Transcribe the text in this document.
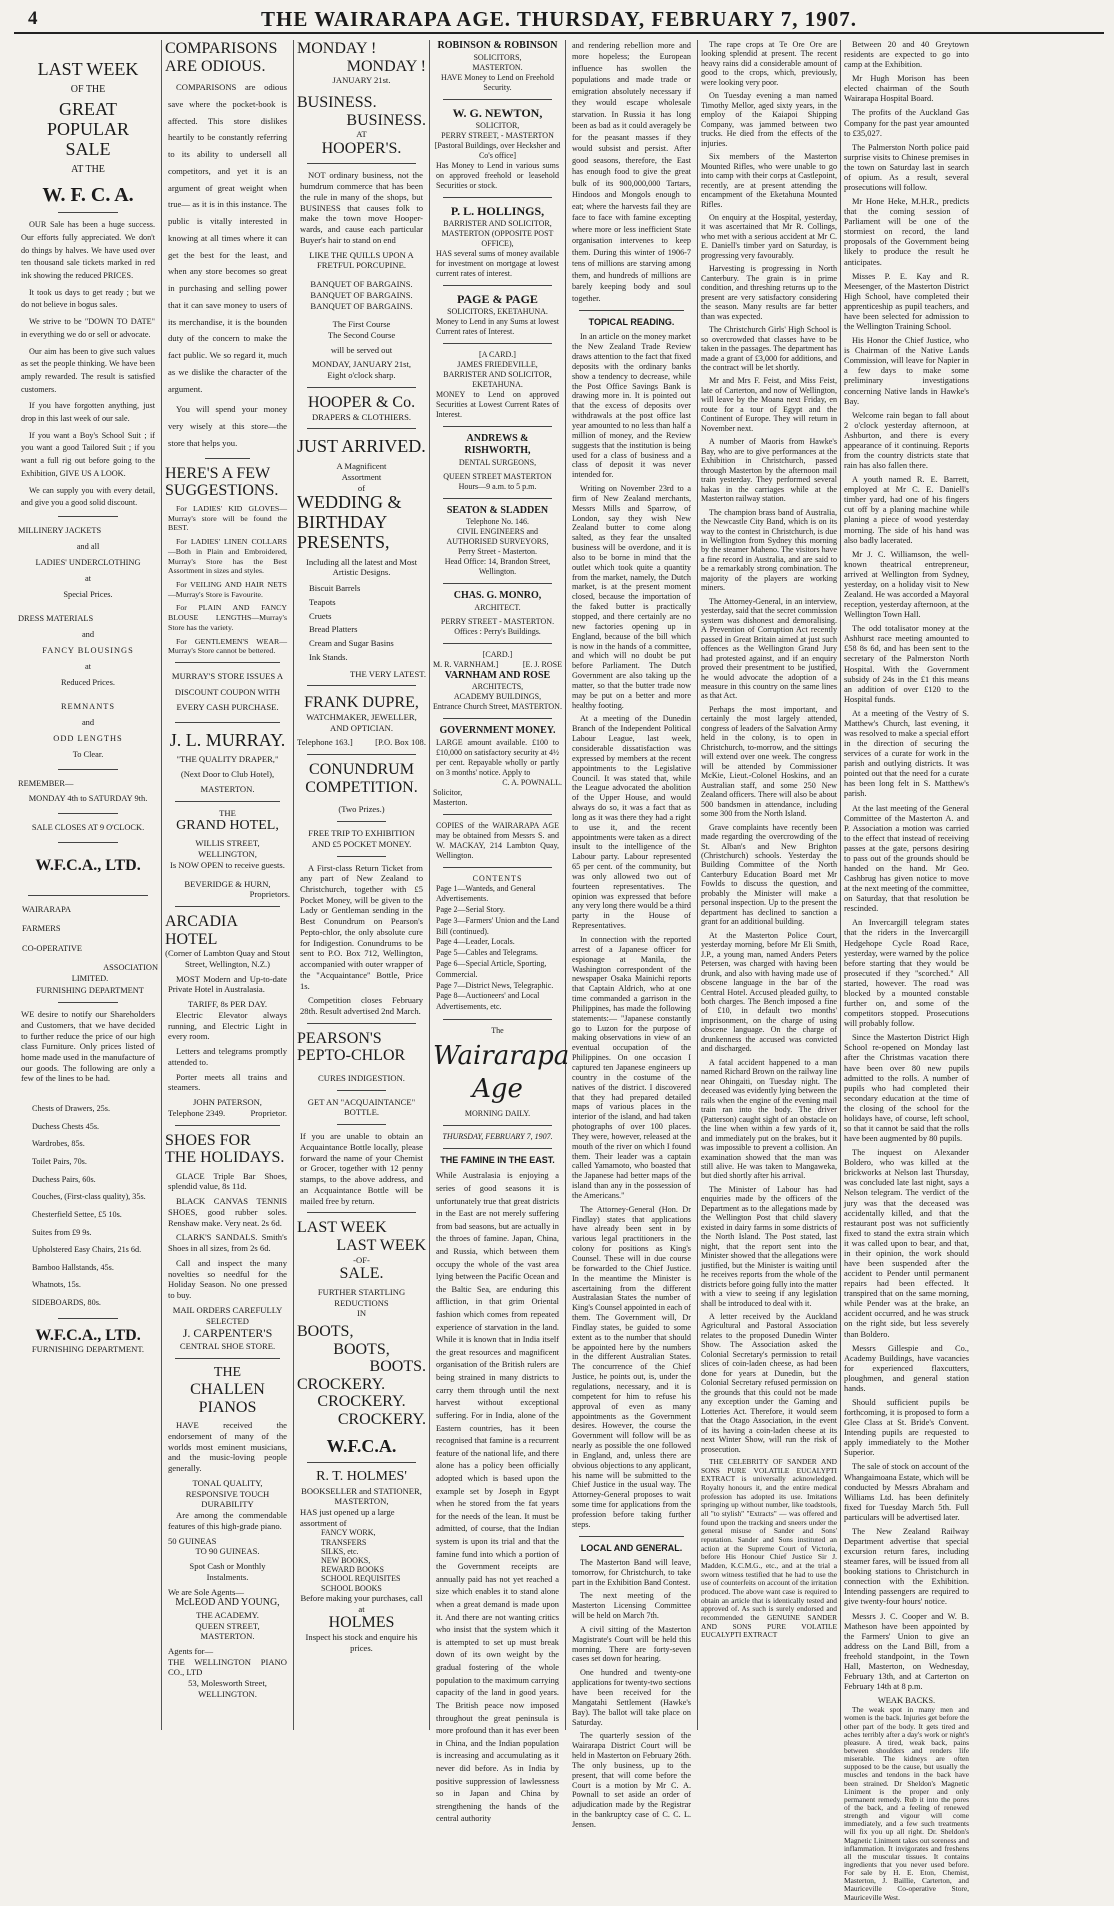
4	THE WAIRARAPA AGE. THURSDAY, FEBRUARY 7, 1907.
LAST WEEK
OF THE
GREAT POPULAR
SALE
AT THE
W. F. C. A.

OUR Sale has been a huge success. Our efforts fully appreciated. We don't do things by halves. We have used over ten thousand sale tickets marked in red ink showing the reduced PRICES.

It took us days to get ready ; but we do not believe in bogus sales.

We strive to be "DOWN TO DATE" in everything we do or sell or advocate.

Our aim has been to give such values as set the people thinking. We have been amply rewarded. The result is satisfied customers.

If you have forgotten anything, just drop in this last week of our sale.

If you want a Boy's School Suit ; if you want a good Tailored Suit ; if you want a full rig out before going to the Exhibition, GIVE US A LOOK.

We can supply you with every detail, and give you a good solid discount.

MILLINERY JACKETS
and all
LADIES' UNDERCLOTHING
at
Special Prices.
DRESS MATERIALS
and
FANCY BLOUSINGS
at
Reduced Prices.
REMNANTS
and
ODD LENGTHS
To Clear.
REMEMBER—
MONDAY 4th to SATURDAY 9th.
SALE CLOSES AT 9 O'CLOCK.
W.F.C.A., LTD.
WAIRARAPA
FARMERS
CO-OPERATIVE
ASSOCIATION
LIMITED.
FURNISHING DEPARTMENT
WE desire to notify our Shareholders and Customers, that we have decided to further reduce the price of our high class Furniture. Only prices listed of home made used in the manufacture of our goods. The following are only a few of the lines to be had.
Chests of Drawers, 25s.
Duchess Chests 45s.
Wardrobes, 85s.
Toilet Pairs, 70s.
Duchess Pairs, 60s.
Couches, (First-class quality), 35s.
Chesterfield Settee, £5 10s.
Suites from £9 9s.
Upholstered Easy Chairs, 21s 6d.
Bamboo Hallstands, 45s.
Whatnots, 15s.
SIDEBOARDS, 80s.
W.F.C.A., LTD.
FURNISHING DEPARTMENT.
COMPARISONS
ARE ODIOUS.

COMPARISONS are odious save where the pocket-book is affected. This store dislikes heartily to be constantly referring to its ability to undersell all competitors, and yet it is an argument of great weight when true— as it is in this instance. The public is vitally interested in knowing at all times where it can get the best for the least, and when any store becomes so great in purchasing and selling power that it can save money to users of its merchandise, it is the bounden duty of the concern to make the fact public. We so regard it, much as we dislike the character of the argument.

You will spend your money very wisely at this store—the store that helps you.

HERE'S A FEW
SUGGESTIONS.

For LADIES' KID GLOVES—Murray's store will be found the BEST.

For LADIES' LINEN COLLARS—Both in Plain and Embroidered, Murray's Store has the Best Assortment in sizes and styles.

For VEILING AND HAIR NETS—Murray's Store is Favourite.

For PLAIN AND FANCY BLOUSE LENGTHS—Murray's Store has the variety.

For GENTLEMEN'S WEAR—Murray's Store cannot be bettered.

MURRAY'S STORE ISSUES A DISCOUNT COUPON WITH EVERY CASH PURCHASE.
J. L. MURRAY.
"THE QUALITY DRAPER,"
(Next Door to Club Hotel),
MASTERTON.
THE
GRAND HOTEL,
WILLIS STREET, WELLINGTON,
Is NOW OPEN to receive guests.
BEVERIDGE & HURN,
Proprietors.
ARCADIA HOTEL
(Corner of Lambton Quay and Stout Street, Wellington, N.Z.)

MOST Modern and Up-to-date Private Hotel in Australasia.

TARIFF, 8s PER DAY.

Electric Elevator always running, and Electric Light in every room.

Letters and telegrams promptly attended to.

Porter meets all trains and steamers.

JOHN PATERSON,
Telephone 2349.	Proprietor.
SHOES FOR
THE HOLIDAYS.

GLACE Triple Bar Shoes, splendid value, 8s 11d.

BLACK CANVAS TENNIS SHOES, good rubber soles. Renshaw make. Very neat. 2s 6d.

CLARK'S SANDALS. Smith's Shoes in all sizes, from 2s 6d.

Call and inspect the many novelties so needful for the Holiday Season. No one pressed to buy.

MAIL ORDERS CAREFULLY SELECTED
J. CARPENTER'S
CENTRAL SHOE STORE.
THE
CHALLEN
PIANOS

HAVE received the endorsement of many of the worlds most eminent musicians, and the music-loving people generally.

TONAL QUALITY,
RESPONSIVE TOUCH
DURABILITY

Are among the commendable features of this high-grade piano.

50 GUINEAS
TO 90 GUINEAS.
Spot Cash or Monthly Instalments.
We are Sole Agents—
McLEOD AND YOUNG,
THE ACADEMY.
QUEEN STREET, MASTERTON.
Agents for—
THE WELLINGTON PIANO CO., LTD
53, Molesworth Street,
WELLINGTON.
MONDAY !
MONDAY !
JANUARY 21st.
BUSINESS.
BUSINESS.
AT
HOOPER'S.

NOT ordinary business, not the humdrum commerce that has been the rule in many of the shops, but BUSINESS that causes folk to make the town move Hooper-wards, and cause each particular Buyer's hair to stand on end

LIKE THE QUILLS UPON A FRETFUL PORCUPINE.
BANQUET OF BARGAINS.
BANQUET OF BARGAINS.
BANQUET OF BARGAINS.
The First Course
The Second Course
will be served out
MONDAY, JANUARY 21st,
Eight o'clock sharp.
HOOPER & Co.
DRAPERS & CLOTHIERS.
JUST ARRIVED.
A Magnificent
Assortment
of
WEDDING &
BIRTHDAY
PRESENTS,
Including all the latest and Most Artistic Designs.
Biscuit Barrels
Teapots
Cruets
Bread Platters
Cream and Sugar Basins
Ink Stands.
THE VERY LATEST.
FRANK DUPRE,
WATCHMAKER, JEWELLER,
AND OPTICIAN.
Telephone 163.]	[P.O. Box 108.
CONUNDRUM
COMPETITION.
(Two Prizes.)
FREE TRIP TO EXHIBITION AND £5 POCKET MONEY.

A First-class Return Ticket from any part of New Zealand to Christchurch, together with £5 Pocket Money, will be given to the Lady or Gentleman sending in the Best Conundrum on Pearson's Pepto-chlor, the only absolute cure for Indigestion. Conundrums to be sent to P.O. Box 712, Wellington, accompanied with outer wrapper of the "Acquaintance" Bottle, Price 1s.

Competition closes February 28th. Result advertised 2nd March.

PEARSON'S
PEPTO-CHLOR
CURES INDIGESTION.
GET AN "ACQUAINTANCE" BOTTLE.
If you are unable to obtain an Acquaintance Bottle locally, please forward the name of your Chemist or Grocer, together with 12 penny stamps, to the above address, and an Acquaintance Bottle will be mailed free by return.
LAST WEEK
LAST WEEK
-OF-
SALE.
FURTHER STARTLING REDUCTIONS
IN
BOOTS,
BOOTS,
BOOTS.
CROCKERY.
CROCKERY.
CROCKERY.
W.F.C.A.
R. T. HOLMES'
BOOKSELLER and STATIONER,
MASTERTON,
HAS just opened up a large assortment of
FANCY WORK,
TRANSFERS
SILKS, etc.
NEW BOOKS,
REWARD BOOKS
SCHOOL REQUISITES
SCHOOL BOOKS
Before making your purchases, call at
HOLMES
Inspect his stock and enquire his prices.
ROBINSON & ROBINSON
SOLICITORS,
MASTERTON.
HAVE Money to Lend on Freehold Security.
W. G. NEWTON,
SOLICITOR,
PERRY STREET, - MASTERTON
[Pastoral Buildings, over Hecksher and Co's office]
Has Money to Lend in various sums on approved freehold or leasehold Securities or stock.
P. L. HOLLINGS,
BARRISTER AND SOLICITOR,
MASTERTON (OPPOSITE POST OFFICE),
HAS several sums of money available for investment on mortgage at lowest current rates of interest.
PAGE & PAGE
SOLICITORS, EKETAHUNA.
Money to Lend in any Sums at lowest Current rates of Interest.
[A CARD.]
JAMES FRIEDEVILLE,
BARRISTER AND SOLICITOR,
EKETAHUNA.
MONEY to Lend on approved Securities at Lowest Current Rates of Interest.
ANDREWS & RISHWORTH,
DENTAL SURGEONS,
QUEEN STREET MASTERTON
Hours—9 a.m. to 5 p.m.
SEATON & SLADDEN
Telephone No. 146.
CIVIL ENGINEERS and AUTHORISED SURVEYORS,
Perry Street - Masterton.
Head Office: 14, Brandon Street, Wellington.
CHAS. G. MONRO,
ARCHITECT.
PERRY STREET - MASTERTON.
Offices : Perry's Buildings.
[CARD.]
M. R. VARNHAM.]	[E. J. ROSE
VARNHAM AND ROSE
ARCHITECTS,
ACADEMY BUILDINGS,
Entrance Church Street, MASTERTON.
GOVERNMENT MONEY.
LARGE amount available. £100 to £10,000 on satisfactory security at 4½ per cent. Repayable wholly or partly on 3 months' notice. Apply to
C. A. POWNALL.
Solicitor,
Masterton.
COPIES of the WAIRARAPA AGE may be obtained from Messrs S. and W. MACKAY, 214 Lambton Quay, Wellington.
CONTENTS
Page 1—Wanteds, and General Advertisements.
Page 2—Serial Story.
Page 3—Farmers' Union and the Land Bill (continued).
Page 4—Leader, Locals.
Page 5—Cables and Telegrams.
Page 6—Special Article, Sporting, Commercial.
Page 7—District News, Telegraphic.
Page 8—Auctioneers' and Local Advertisements, etc.
The
Wairarapa Age
MORNING DAILY.
THURSDAY, FEBRUARY 7, 1907.
THE FAMINE IN THE EAST.
While Australasia is enjoying a series of good seasons it is unfortunately true that great districts in the East are not merely suffering from bad seasons, but are actually in the throes of famine. Japan, China, and Russia, which between them occupy the whole of the vast area lying between the Pacific Ocean and the Baltic Sea, are enduring this affliction, in that grim Oriental fashion which comes from repeated experience of starvation in the land. While it is known that in India itself the great resources and magnificent organisation of the British rulers are being strained in many districts to carry them through until the next harvest without exceptional suffering. For in India, alone of the Eastern countries, has it been recognised that famine is a recurrent feature of the national life, and there alone has a policy been officially adopted which is based upon the example set by Joseph in Egypt when he stored from the fat years for the needs of the lean. It must be admitted, of course, that the Indian system is upon its trial and that the famine fund into which a portion of the Government receipts are annually paid has not yet reached a size which enables it to stand alone when a great demand is made upon it. And there are not wanting critics who insist that the system which it is attempted to set up must break down of its own weight by the gradual fostering of the whole population to the maximum carrying capacity of the land in good years. The British peace now imposed throughout the great peninsula is more profound than it has ever been in China, and the Indian population is increasing and accumulating as it never did before. As in India by positive suppression of lawlessness so in Japan and China by strengthening the hands of the central authority
and rendering rebellion more and more hopeless; the European influence has swollen the populations and made trade or emigration absolutely necessary if they would escape wholesale starvation. In Russia it has long been as bad as it could averagely be for the peasant masses if they would subsist and persist. After good seasons, therefore, the East has enough food to give the great bulk of its 900,000,000 Tartars, Hindoos and Mongols enough to eat; where the harvests fail they are face to face with famine excepting where more or less inefficient State organisation intervenes to keep them. During this winter of 1906-7 tens of millions are starving among them, and hundreds of millions are barely keeping body and soul together.
TOPICAL READING.

In an article on the money market the New Zealand Trade Review draws attention to the fact that fixed deposits with the ordinary banks show a tendency to decrease, while the Post Office Savings Bank is drawing more in. It is pointed out that the excess of deposits over withdrawals at the post office last year amounted to no less than half a million of money, and the Review suggests that the institution is being used for a class of business and a class of deposit it was never intended for.

Writing on November 23rd to a firm of New Zealand merchants, Messrs Mills and Sparrow, of London, say they wish New Zealand butter to come along salted, as they fear the unsalted business will be overdone, and it is also to be borne in mind that the outlet which took quite a quantity from the market, namely, the Dutch market, is at the present moment closed, because the importation of the faked butter is practically stopped, and there certainly are no new factories opening up in England, because of the bill which is now in the hands of a committee, and which will no doubt be put before Parliament. The Dutch Government are also taking up the matter, so that the butter trade now may be put on a better and more healthy footing.

At a meeting of the Dunedin Branch of the Independent Political Labour League, last week, considerable dissatisfaction was expressed by members at the recent appointments to the Legislative Council. It was stated that, while the League advocated the abolition of the Upper House, and would always do so, it was a fact that as long as it was there they had a right to use it, and the recent appointments were taken as a direct insult to the intelligence of the Labour party. Labour represented 65 per cent. of the community, but was only allowed two out of fourteen representatives. The opinion was expressed that before any very long there would be a third party in the House of Representatives.

In connection with the reported arrest of a Japanese officer for espionage at Manila, the Washington correspondent of the newspaper Osaka Mainichi reports that Captain Aldrich, who at one time commanded a garrison in the Philippines, has made the following statements:— "Japanese constantly go to Luzon for the purpose of making observations in view of an eventual occupation of the Philippines. On one occasion I captured ten Japanese engineers up country in the costume of the natives of the district. I discovered that they had prepared detailed maps of various places in the interior of the island, and had taken photographs of over 100 places. They were, however, released at the mouth of the river on which I found them. Their leader was a captain called Yamamoto, who boasted that the Japanese had better maps of the island than any in the possession of the Americans."

The Attorney-General (Hon. Dr Findlay) states that applications have already been sent in by various legal practitioners in the colony for positions as King's Counsel. These will in due course be forwarded to the Chief Justice. In the meantime the Minister is ascertaining from the different Australasian States the number of King's Counsel appointed in each of them. The Government will, Dr Findlay states, be guided to some extent as to the number that should be appointed here by the numbers in the different Australian States. The concurrence of the Chief Justice, he points out, is, under the regulations, necessary, and it is competent for him to refuse his approval of even as many appointments as the Government desires. However, the course the Government will follow will be as nearly as possible the one followed in England, and, unless there are obvious objections to any applicant, his name will be submitted to the Chief Justice in the usual way. The Attorney-General proposes to wait some time for applications from the profession before taking further steps.

LOCAL AND GENERAL.

The Masterton Band will leave, tomorrow, for Christchurch, to take part in the Exhibition Band Contest.

The next meeting of the Masterton Licensing Committee will be held on March 7th.

A civil sitting of the Masterton Magistrate's Court will be held this morning. There are forty-seven cases set down for hearing.

One hundred and twenty-one applications for twenty-two sections have been received for the Mangatahi Settlement (Hawke's Bay). The ballot will take place on Saturday.

The quarterly session of the Wairarapa District Court will be held in Masterton on February 26th. The only business, up to the present, that will come before the Court is a motion by Mr C. A. Pownall to set aside an order of adjudication made by the Registrar in the bankruptcy case of C. C. L. Jensen.

The rape crops at Te Ore Ore are looking splendid at present. The recent heavy rains did a considerable amount of good to the crops, which, previously, were looking very poor.

On Tuesday evening a man named Timothy Mellor, aged sixty years, in the employ of the Kaiapoi Shipping Company, was jammed between two trucks. He died from the effects of the injuries.

Six members of the Masterton Mounted Rifles, who were unable to go into camp with their corps at Castlepoint, recently, are at present attending the encampment of the Eketahuna Mounted Rifles.

On enquiry at the Hospital, yesterday, it was ascertained that Mr R. Collings, who met with a serious accident at Mr C. E. Daniell's timber yard on Saturday, is progressing very favourably.

Harvesting is progressing in North Canterbury. The grain is in prime condition, and threshing returns up to the present are very satisfactory considering the season. Many results are far better than was expected.

The Christchurch Girls' High School is so overcrowded that classes have to be taken in the passages. The department has made a grant of £3,000 for additions, and the contract will be let shortly.

Mr and Mrs F. Feist, and Miss Feist, late of Carterton, and now of Wellington, will leave by the Moana next Friday, en route for a tour of Egypt and the Continent of Europe. They will return in November next.

A number of Maoris from Hawke's Bay, who are to give performances at the Exhibition in Christchurch, passed through Masterton by the afternoon mail train yesterday. They performed several hakas in the carriages while at the Masterton railway station.

The champion brass band of Australia, the Newcastle City Band, which is on its way to the contest in Christchurch, is due in Wellington from Sydney this morning by the steamer Maheno. The visitors have a fine record in Australia, and are said to be a remarkably strong combination. The majority of the players are working miners.

The Attorney-General, in an interview, yesterday, said that the secret commission system was dishonest and demoralising. A Prevention of Corruption Act recently passed in Great Britain aimed at just such offences as the Wellington Grand Jury had protested against, and if an enquiry proved their presentment to be justified, he would advocate the adoption of a measure in this country on the same lines as that Act.

Perhaps the most important, and certainly the most largely attended, congress of leaders of the Salvation Army held in the colony, is to open in Christchurch, to-morrow, and the sittings will extend over one week. The congress will be attended by Commissioner McKie, Lieut.-Colonel Hoskins, and an Australian staff, and some 250 New Zealand officers. There will also be about 500 bandsmen in attendance, including some 300 from the North Island.

Grave complaints have recently been made regarding the overcrowding of the St. Alban's and New Brighton (Christchurch) schools. Yesterday the Building Committee of the North Canterbury Education Board met Mr Fowlds to discuss the question, and probably the Minister will make a personal inspection. Up to the present the department has declined to sanction a grant for an additional building.

At the Masterton Police Court, yesterday morning, before Mr Eli Smith, J.P., a young man, named Anders Peters Petersen, was charged with having been drunk, and also with having made use of obscene language in the bar of the Central Hotel. Accused pleaded guilty, to both charges. The Bench imposed a fine of £10, in default two months' imprisonment, on the charge of using obscene language. On the charge of drunkenness the accused was convicted and discharged.

A fatal accident happened to a man named Richard Brown on the railway line near Ohingaiti, on Tuesday night. The deceased was evidently lying between the rails when the engine of the evening mail train ran into the body. The driver (Patterson) caught sight of an obstacle on the line when within a few yards of it, and immediately put on the brakes, but it was impossible to prevent a collision. An examination showed that the man was still alive. He was taken to Mangaweka, but died shortly after his arrival.

The Minister of Labour has had enquiries made by the officers of the Department as to the allegations made by the Wellington Post that child slavery existed in dairy farms in some districts of the North Island. The Post stated, last night, that the report sent into the Minister showed that the allegations were justified, but the Minister is waiting until he receives reports from the whole of the districts before going fully into the matter with a view to seeing if any legislation shall be introduced to deal with it.

A letter received by the Auckland Agricultural and Pastoral Association relates to the proposed Dunedin Winter Show. The Association asked the Colonial Secretary's permission to retail slices of coin-laden cheese, as had been done for years at Dunedin, but the Colonial Secretary refused permission on the grounds that this could not be made any exception under the Gaming and Lotteries Act. Therefore, it would seem that the Otago Association, in the event of its having a coin-laden cheese at its next Winter Show, will run the risk of prosecution.

THE CELEBRITY OF SANDER AND SONS PURE VOLATILE EUCALYPTI EXTRACT is universally acknowledged. Royalty honours it, and the entire medical profession has adopted its use. Imitations springing up without number, like toadstools, all "to stylish" "Extracts" — was offered and found upon the tracking and sneers under the general misuse of Sander and Sons' reputation. Sander and Sons instituted an action at the Supreme Court of Victoria, before His Honour Chief Justice Sir J. Madden, K.C.M.G., etc., and at the trial a sworn witness testified that he had to use the use of counterfeits on account of the irritation produced. The above want case is required to obtain an article that is identically tested and approved of. As such is surely endorsed and recommended the GENUINE SANDER AND SONS PURE VOLATILE EUCALYPTI EXTRACT

Between 20 and 40 Greytown residents are expected to go into camp at the Exhibition.

Mr Hugh Morison has been elected chairman of the South Wairarapa Hospital Board.

The profits of the Auckland Gas Company for the past year amounted to £35,027.

The Palmerston North police paid surprise visits to Chinese premises in the town on Saturday last in search of opium. As a result, several prosecutions will follow.

Mr Hone Heke, M.H.R., predicts that the coming session of Parliament will be one of the stormiest on record, the land proposals of the Government being likely to produce the result he anticipates.

Misses P. E. Kay and R. Meesenger, of the Masterton District High School, have completed their apprenticeship as pupil teachers, and have been selected for admission to the Wellington Training School.

His Honor the Chief Justice, who is Chairman of the Native Lands Commission, will leave for Napier in a few days to make some preliminary investigations concerning Native lands in Hawke's Bay.

Welcome rain began to fall about 2 o'clock yesterday afternoon, at Ashburton, and there is every appearance of it continuing. Reports from the country districts state that rain has also fallen there.

A youth named R. E. Barrett, employed at Mr C. E. Daniell's timber yard, had one of his fingers cut off by a planing machine while planing a piece of wood yesterday morning. The side of his hand was also badly lacerated.

Mr J. C. Williamson, the well-known theatrical entrepreneur, arrived at Wellington from Sydney, yesterday, on a holiday visit to New Zealand. He was accorded a Mayoral reception, yesterday afternoon, at the Wellington Town Hall.

The odd totalisator money at the Ashhurst race meeting amounted to £58 8s 6d, and has been sent to the secretary of the Palmerston North Hospital. With the Government subsidy of 24s in the £1 this means an addition of over £120 to the Hospital funds.

At a meeting of the Vestry of S. Matthew's Church, last evening, it was resolved to make a special effort in the direction of securing the services of a curate for work in the parish and outlying districts. It was pointed out that the need for a curate has been long felt in S. Matthew's parish.

At the last meeting of the General Committee of the Masterton A. and P. Association a motion was carried to the effect that instead of receiving passes at the gate, persons desiring to pass out of the grounds should be handed on the hand. Mr Geo. Cashbrug has given notice to move at the next meeting of the committee, on Saturday, that that resolution be rescinded.

An Invercargill telegram states that the riders in the Invercargill Hedgehope Cycle Road Race, yesterday, were warned by the police before starting that they would be prosecuted if they "scorched." All started, however. The road was blocked by a mounted constable further on, and some of the competitors stopped. Prosecutions will probably follow.

Since the Masterton District High School re-opened on Monday last after the Christmas vacation there have been over 80 new pupils admitted to the rolls. A number of pupils who had completed their secondary education at the time of the closing of the school for the holidays have, of course, left school, so that it cannot be said that the rolls have been augmented by 80 pupils.

The inquest on Alexander Boldero, who was killed at the brickworks at Nelson last Thursday, was concluded late last night, says a Nelson telegram. The verdict of the jury was that the deceased was accidentally killed, and that the restaurant post was not sufficiently fixed to stand the extra strain which it was called upon to bear, and that, in their opinion, the work should have been suspended after the accident to Pender until permanent repairs had been effected. It transpired that on the same morning, while Pender was at the brake, an accident occurred, and he was struck on the right side, but less severely than Boldero.

Messrs Gillespie and Co., Academy Buildings, have vacancies for experienced flaxcutters, ploughmen, and general station hands.

Should sufficient pupils be forthcoming, it is proposed to form a Glee Class at St. Bride's Convent. Intending pupils are requested to apply immediately to the Mother Superior.

The sale of stock on account of the Whangaimoana Estate, which will be conducted by Messrs Abraham and Williams Ltd. has been definitely fixed for Tuesday March 5th. Full particulars will be advertised later.

The New Zealand Railway Department advertise that special excursion return fares, including steamer fares, will be issued from all booking stations to Christchurch in connection with the Exhibition. Intending passengers are required to give twenty-four hours' notice.

Messrs J. C. Cooper and W. B. Matheson have been appointed by the Farmers' Union to give an address on the Land Bill, from a freehold standpoint, in the Town Hall, Masterton, on Wednesday, February 13th, and at Carterton on February 14th at 8 p.m.

WEAK BACKS.

The weak spot in many men and women is the back. Injuries get before the other part of the body. It gets tired and aches terribly after a day's work or night's pleasure. A tired, weak back, pains between shoulders and renders life miserable. The kidneys are often supposed to be the cause, but usually the muscles and tendons in the back have been strained. Dr Sheldon's Magnetic Liniment is the proper and only permanent remedy. Rub it into the pores of the back, and a feeling of renewed strength and vigour will come immediately, and a few such treatments will fix you up all right. Dr. Sheldon's Magnetic Liniment takes out soreness and inflammation. It invigorates and freshens all the muscular tissues. It contains ingredients that you never used before. For sale by H. E. Eton, Chemist, Masterton, J. Baillie, Carterton, and Mauriceville Co-operative Store, Mauriceville West.
